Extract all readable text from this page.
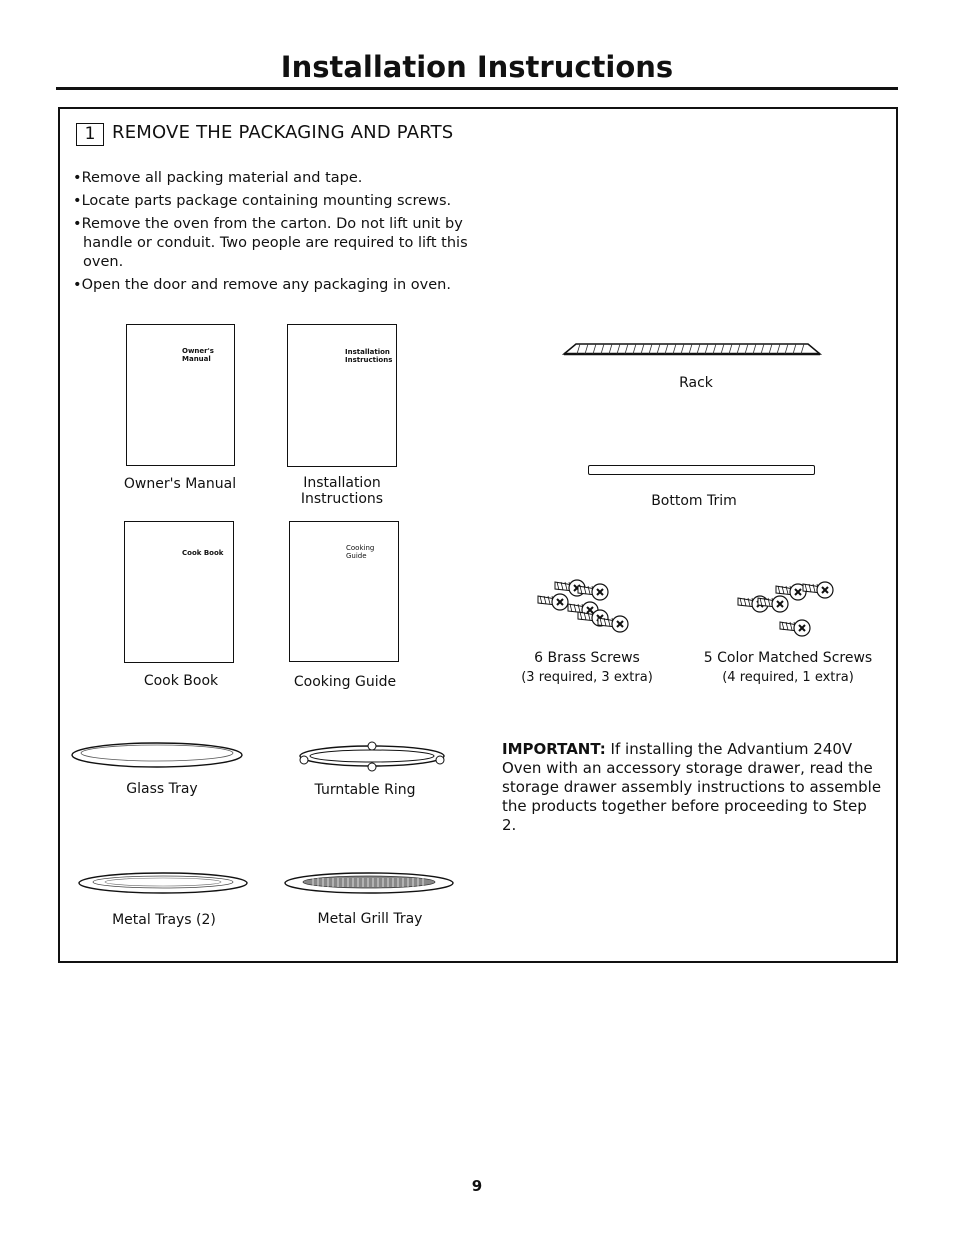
Installation Instructions
1 REMOVE THE PACKAGING AND PARTS
• Remove all packing material and tape.
• Locate parts package containing mounting screws.
• Remove the oven from the carton. Do not lift unit by handle or conduit. Two people are required to lift this oven.
• Open the door and remove any packaging in oven.
Owner's
Manual
Owner's Manual
Installation
Instructions
Installation
Instructions
Cook Book
Cook Book
Cooking
Guide
Cooking Guide
Rack
Bottom Trim
6 Brass Screws
(3 required, 3 extra)
5 Color Matched Screws
(4 required, 1 extra)
Glass Tray	Turntable Ring
Metal Trays (2)	Metal Grill Tray
IMPORTANT: If installing the Advantium 240V Oven with an accessory storage drawer, read the storage drawer assembly instructions to assemble the products together before proceeding to Step 2.
9
